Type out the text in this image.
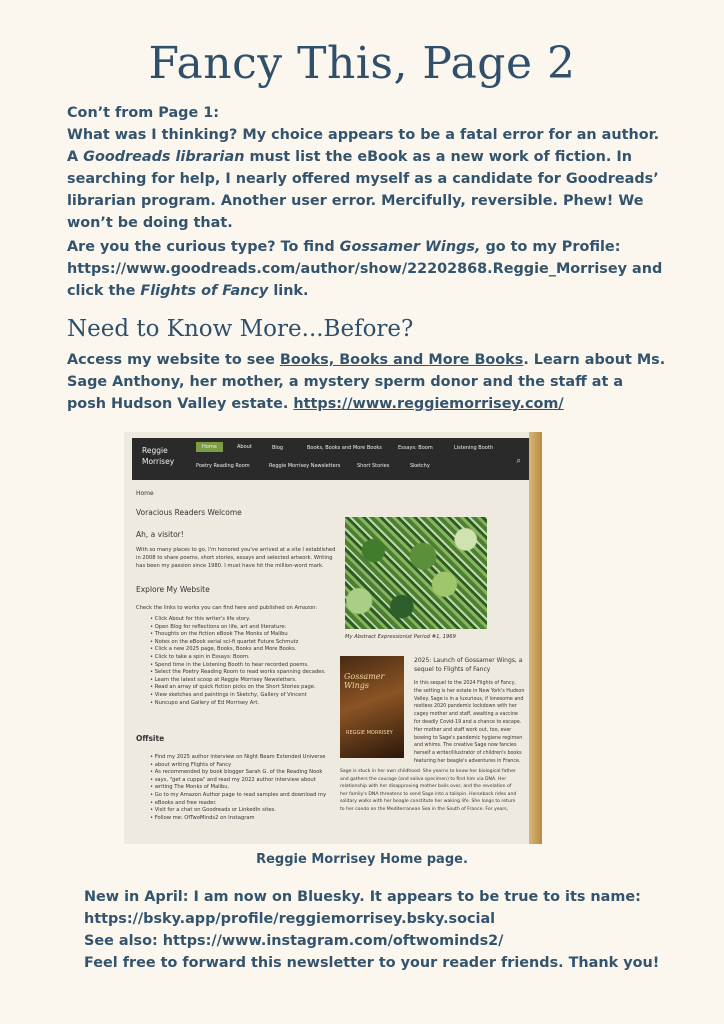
Fancy This, Page 2

Con’t from Page 1:
What was I thinking? My choice appears to be a fatal error for an author. A Goodreads librarian must list the eBook as a new work of fiction. In searching for help, I nearly offered myself as a candidate for Goodreads’ librarian program. Another user error. Mercifully, reversible. Phew! We won’t be doing that.

Are you the curious type? To find Gossamer Wings, go to my Profile: https://www.goodreads.com/author/show/22202868.Reggie_Morrisey and click the Flights of Fancy link.

Need to Know More...Before?

Access my website to see Books, Books and More Books. Learn about Ms. Sage Anthony, her mother, a mystery sperm donor and the staff at a posh Hudson Valley estate. https://www.reggiemorrisey.com/

Reggie
Morrisey
Home	About	Blog	Books, Books and More Books	Essays: Boom	Listening Booth
Poetry Reading Room	Reggie Morrisey Newsletters	Short Stories	Sketchy
⌕
Home
Voracious Readers Welcome
Ah, a visitor!
With so many places to go, I'm honored you've arrived at a site I established in 2008 to share poems, short stories, essays and selected artwork. Writing has been my passion since 1980. I must have hit the million-word mark.
Explore My Website
Check the links to works you can find here and published on Amazon:
• Click About for this writer's life story.
• Open Blog for reflections on life, art and literature:
• Thoughts on the fiction eBook The Monks of Malibu
• Notes on the eBook serial sci-fi quartet Future Schmutz
• Click a new 2025 page, Books, Books and More Books.
• Click to take a spin in Essays: Boom.
• Spend time in the Listening Booth to hear recorded poems.
• Select the Poetry Reading Room to read works spanning decades.
• Learn the latest scoop at Reggie Morrisey Newsletters.
• Read an array of quick fiction picks on the Short Stories page.
• View sketches and paintings in Sketchy, Gallery of Vincent
• Nuncupo and Gallery of Ed Morrisey Art.
Offsite
• Find my 2025 author interview on Night Beam Extended Universe
• about writing Flights of Fancy
• As recommended by book blogger Sarah G. of the Reading Nook
• says, "get a cuppa" and read my 2022 author interview about
• writing The Monks of Malibu.
• Go to my Amazon Author page to read samples and download my
• eBooks and free reader.
• Visit for a chat on Goodreads or LinkedIn sites.
• Follow me: OfTwoMinds2 on Instagram
My Abstract Expressionist Period #1, 1969
Gossamer Wings
REGGIE MORRISEY
2025: Launch of Gossamer Wings, a sequel to Flights of Fancy
In this sequel to the 2024 Flights of Fancy,
the setting is her estate in New York's Hudson
Valley. Sage is in a luxurious, if lonesome and
restless 2020 pandemic lockdown with her
cagey mother and staff, awaiting a vaccine
for deadly Covid-19 and a chance to escape.
Her mother and staff work out, too, ever
bowing to Sage's pandemic hygiene regimen
and whims. The creative Sage now fancies
herself a writer/illustrator of children's books
featuring her beagle's adventures in France.
Sage is stuck in her own childhood. She yearns to know her biological father
and gathers the courage (and saliva specimen) to find him via DNA. Her
relationship with her disapproving mother boils over, and the revelation of
her family's DNA threatens to send Sage into a tailspin. Horseback rides and
solitary walks with her beagle constitute her waking life. She longs to return
to her condo on the Mediterranean Sea in the South of France. For years,

Reggie Morrisey Home page.

New in April: I am now on Bluesky. It appears to be true to its name:
https://bsky.app/profile/reggiemorrisey.bsky.social
See also: https://www.instagram.com/oftwominds2/
Feel free to forward this newsletter to your reader friends. Thank you!
